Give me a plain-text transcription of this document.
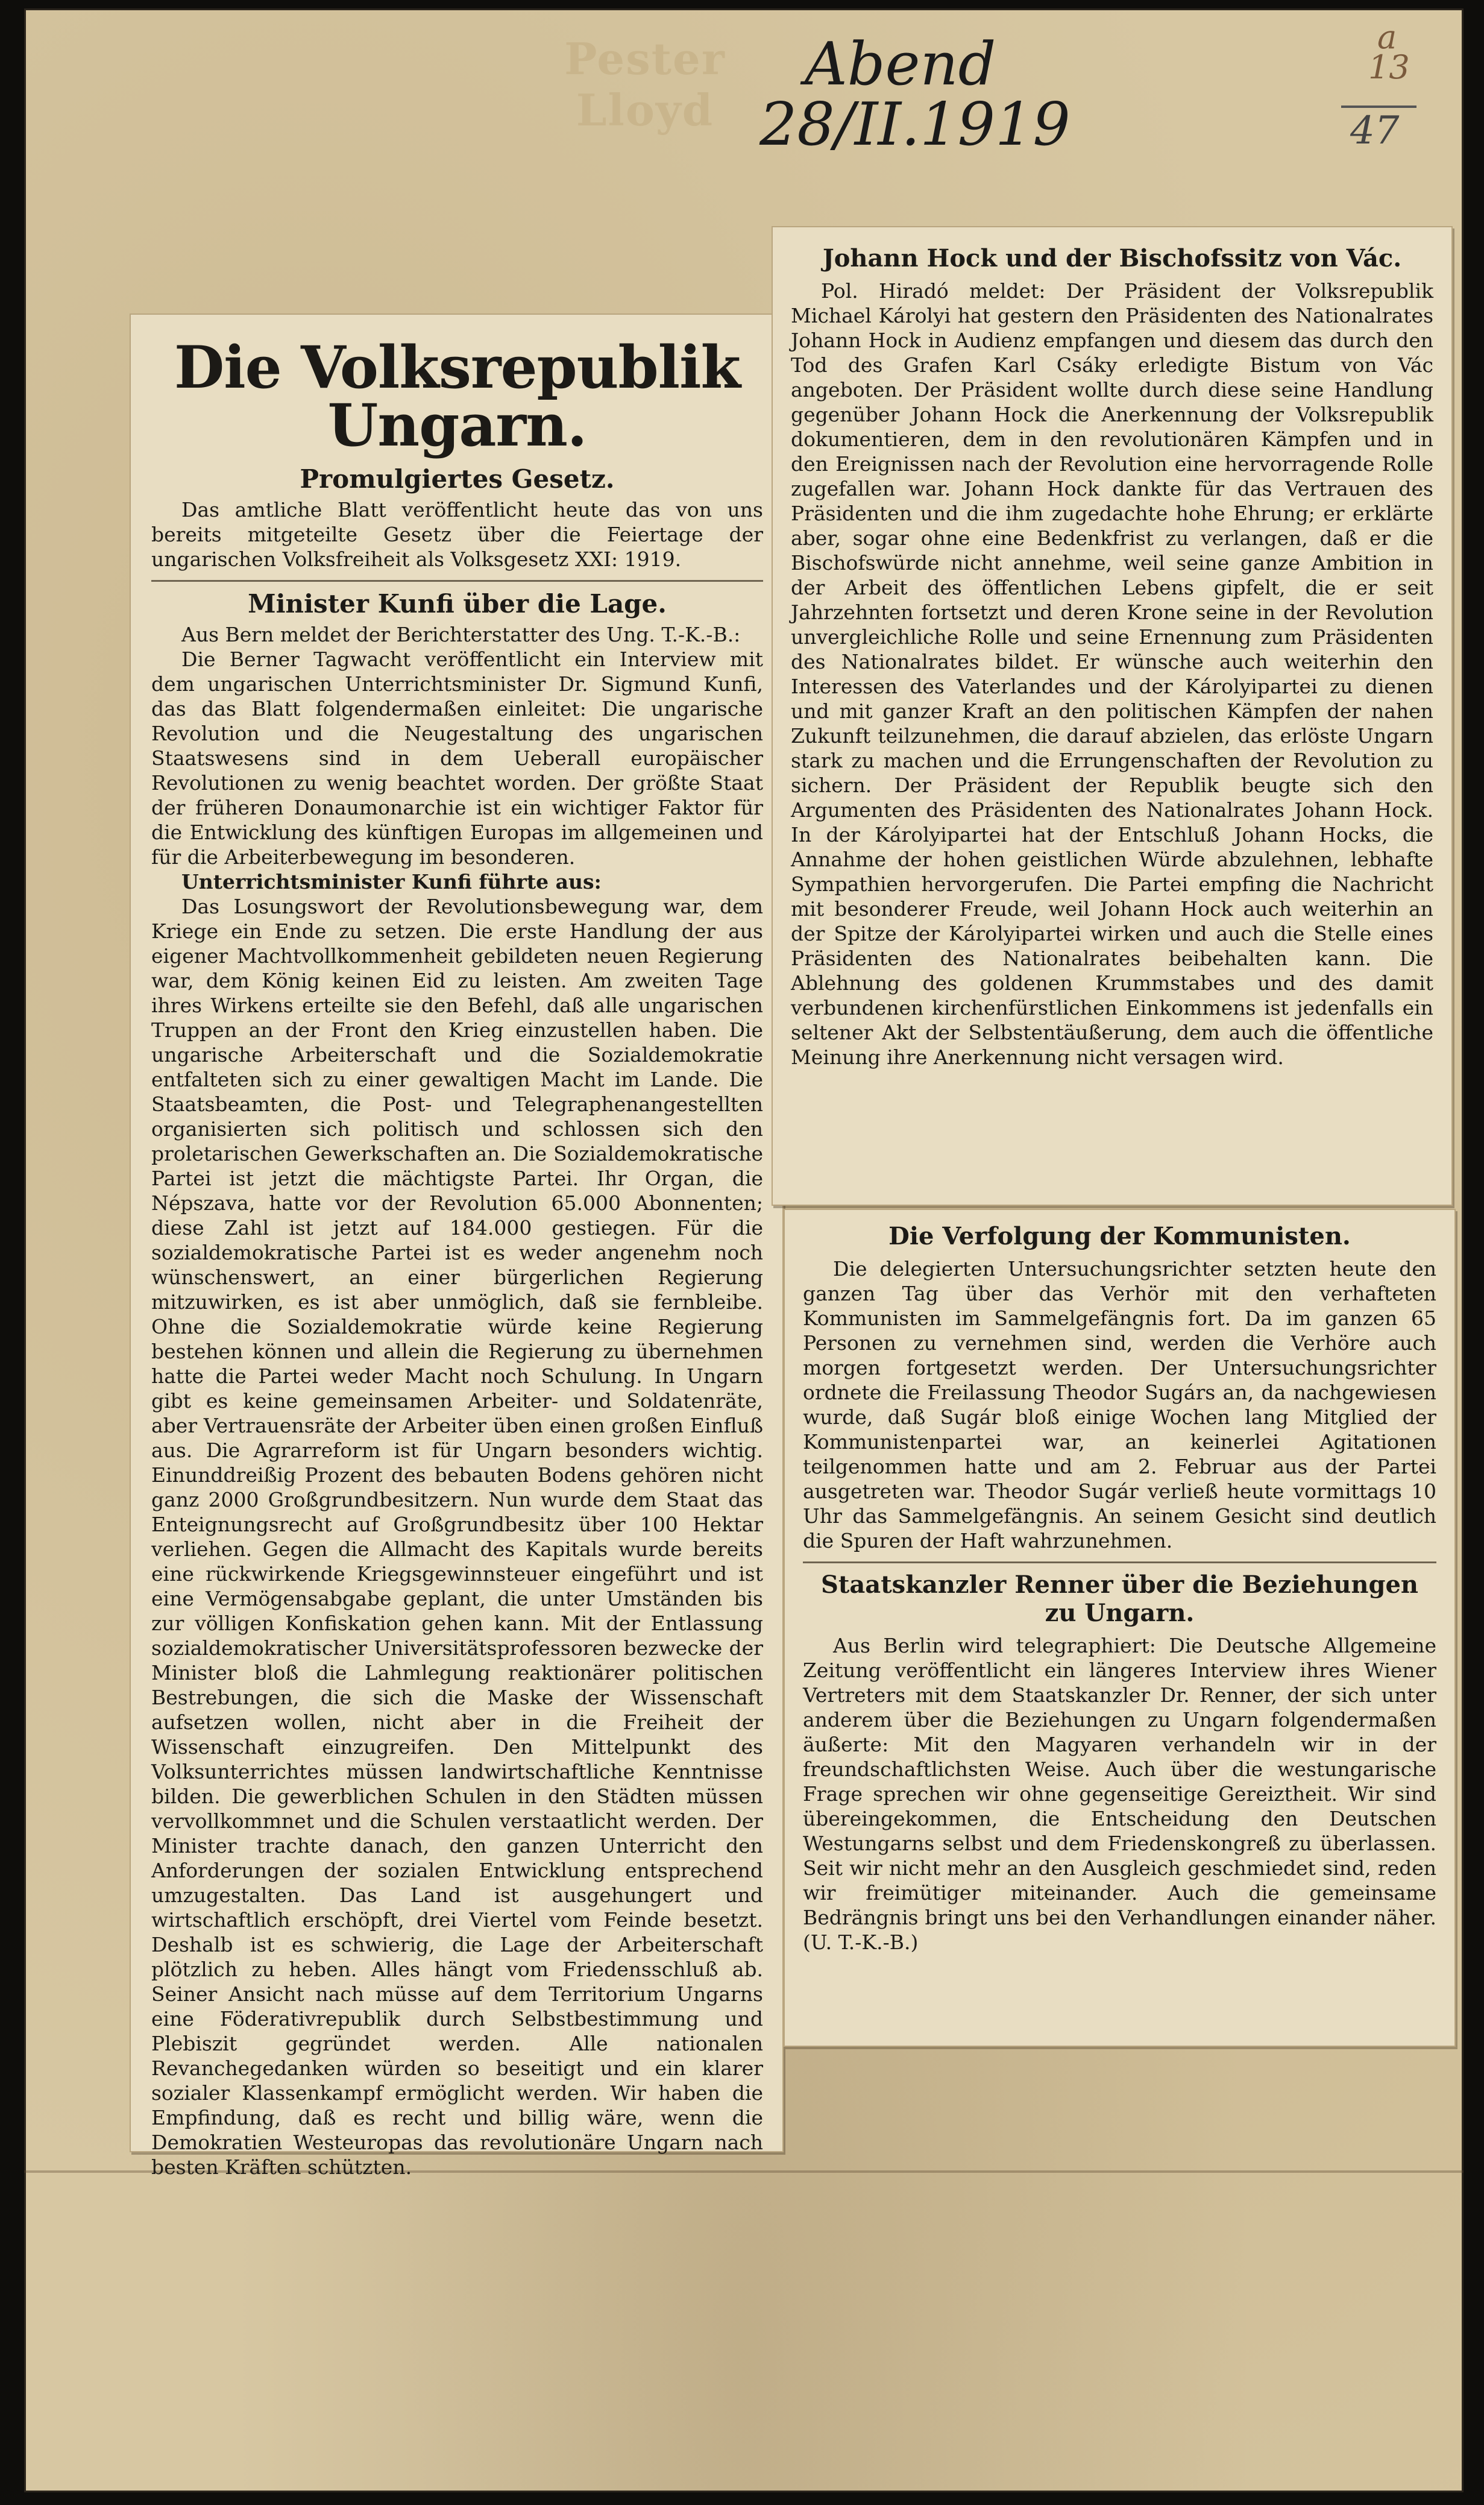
Pester Lloyd
Abend
28/II.1919
a
13
47
Die Volksrepublik Ungarn.
Promulgiertes Gesetz.

Das amtliche Blatt veröffentlicht heute das von uns bereits mitgeteilte Gesetz über die Feiertage der ungarischen Volksfreiheit als Volksgesetz XXI: 1919.

Minister Kunfi über die Lage.

Aus Bern meldet der Berichterstatter des Ung. T.-K.-B.:

Die Berner Tagwacht veröffentlicht ein Interview mit dem ungarischen Unterrichtsminister Dr. Sigmund Kunfi, das das Blatt folgendermaßen einleitet: Die ungarische Revolution und die Neugestaltung des ungarischen Staatswesens sind in dem Ueberall europäischer Revolutionen zu wenig beachtet worden. Der größte Staat der früheren Donaumonarchie ist ein wichtiger Faktor für die Entwicklung des künftigen Europas im allgemeinen und für die Arbeiterbewegung im besonderen.

Unterrichtsminister Kunfi führte aus:

Das Losungswort der Revolutionsbewegung war, dem Kriege ein Ende zu setzen. Die erste Handlung der aus eigener Machtvollkommenheit gebildeten neuen Regierung war, dem König keinen Eid zu leisten. Am zweiten Tage ihres Wirkens erteilte sie den Befehl, daß alle ungarischen Truppen an der Front den Krieg einzustellen haben. Die ungarische Arbeiterschaft und die Sozialdemokratie entfalteten sich zu einer gewaltigen Macht im Lande. Die Staatsbeamten, die Post- und Telegraphenangestellten organisierten sich politisch und schlossen sich den proletarischen Gewerkschaften an. Die Sozialdemokratische Partei ist jetzt die mächtigste Partei. Ihr Organ, die Népszava, hatte vor der Revolution 65.000 Abonnenten; diese Zahl ist jetzt auf 184.000 gestiegen. Für die sozialdemokratische Partei ist es weder angenehm noch wünschenswert, an einer bürgerlichen Regierung mitzuwirken, es ist aber unmöglich, daß sie fernbleibe. Ohne die Sozialdemokratie würde keine Regierung bestehen können und allein die Regierung zu übernehmen hatte die Partei weder Macht noch Schulung. In Ungarn gibt es keine gemeinsamen Arbeiter- und Soldatenräte, aber Vertrauensräte der Arbeiter üben einen großen Einfluß aus. Die Agrarreform ist für Ungarn besonders wichtig. Einunddreißig Prozent des bebauten Bodens gehören nicht ganz 2000 Großgrundbesitzern. Nun wurde dem Staat das Enteignungsrecht auf Großgrundbesitz über 100 Hektar verliehen. Gegen die Allmacht des Kapitals wurde bereits eine rückwirkende Kriegsgewinnsteuer eingeführt und ist eine Vermögensabgabe geplant, die unter Umständen bis zur völligen Konfiskation gehen kann. Mit der Entlassung sozialdemokratischer Universitätsprofessoren bezwecke der Minister bloß die Lahmlegung reaktionärer politischen Bestrebungen, die sich die Maske der Wissenschaft aufsetzen wollen, nicht aber in die Freiheit der Wissenschaft einzugreifen. Den Mittelpunkt des Volksunterrichtes müssen landwirtschaftliche Kenntnisse bilden. Die gewerblichen Schulen in den Städten müssen vervollkommnet und die Schulen verstaatlicht werden. Der Minister trachte danach, den ganzen Unterricht den Anforderungen der sozialen Entwicklung entsprechend umzugestalten. Das Land ist ausgehungert und wirtschaftlich erschöpft, drei Viertel vom Feinde besetzt. Deshalb ist es schwierig, die Lage der Arbeiterschaft plötzlich zu heben. Alles hängt vom Friedensschluß ab. Seiner Ansicht nach müsse auf dem Territorium Ungarns eine Föderativrepublik durch Selbstbestimmung und Plebiszit gegründet werden. Alle nationalen Revanchegedanken würden so beseitigt und ein klarer sozialer Klassenkampf ermöglicht werden. Wir haben die Empfindung, daß es recht und billig wäre, wenn die Demokratien Westeuropas das revolutionäre Ungarn nach besten Kräften schützten.

Johann Hock und der Bischofssitz von Vác.

Pol. Hiradó meldet: Der Präsident der Volksrepublik Michael Károlyi hat gestern den Präsidenten des Nationalrates Johann Hock in Audienz empfangen und diesem das durch den Tod des Grafen Karl Csáky erledigte Bistum von Vác angeboten. Der Präsident wollte durch diese seine Handlung gegenüber Johann Hock die Anerkennung der Volksrepublik dokumentieren, dem in den revolutionären Kämpfen und in den Ereignissen nach der Revolution eine hervorragende Rolle zugefallen war. Johann Hock dankte für das Vertrauen des Präsidenten und die ihm zugedachte hohe Ehrung; er erklärte aber, sogar ohne eine Bedenkfrist zu verlangen, daß er die Bischofswürde nicht annehme, weil seine ganze Ambition in der Arbeit des öffentlichen Lebens gipfelt, die er seit Jahrzehnten fortsetzt und deren Krone seine in der Revolution unvergleichliche Rolle und seine Ernennung zum Präsidenten des Nationalrates bildet. Er wünsche auch weiterhin den Interessen des Vaterlandes und der Károlyipartei zu dienen und mit ganzer Kraft an den politischen Kämpfen der nahen Zukunft teilzunehmen, die darauf abzielen, das erlöste Ungarn stark zu machen und die Errungenschaften der Revolution zu sichern. Der Präsident der Republik beugte sich den Argumenten des Präsidenten des Nationalrates Johann Hock. In der Károlyipartei hat der Entschluß Johann Hocks, die Annahme der hohen geistlichen Würde abzulehnen, lebhafte Sympathien hervorgerufen. Die Partei empfing die Nachricht mit besonderer Freude, weil Johann Hock auch weiterhin an der Spitze der Károlyipartei wirken und auch die Stelle eines Präsidenten des Nationalrates beibehalten kann. Die Ablehnung des goldenen Krummstabes und des damit verbundenen kirchenfürstlichen Einkommens ist jedenfalls ein seltener Akt der Selbstentäußerung, dem auch die öffentliche Meinung ihre Anerkennung nicht versagen wird.

Die Verfolgung der Kommunisten.

Die delegierten Untersuchungsrichter setzten heute den ganzen Tag über das Verhör mit den verhafteten Kommunisten im Sammelgefängnis fort. Da im ganzen 65 Personen zu vernehmen sind, werden die Verhöre auch morgen fortgesetzt werden. Der Untersuchungsrichter ordnete die Freilassung Theodor Sugárs an, da nachgewiesen wurde, daß Sugár bloß einige Wochen lang Mitglied der Kommunistenpartei war, an keinerlei Agitationen teilgenommen hatte und am 2. Februar aus der Partei ausgetreten war. Theodor Sugár verließ heute vormittags 10 Uhr das Sammelgefängnis. An seinem Gesicht sind deutlich die Spuren der Haft wahrzunehmen.

Staatskanzler Renner über die Beziehungen zu Ungarn.

Aus Berlin wird telegraphiert: Die Deutsche Allgemeine Zeitung veröffentlicht ein längeres Interview ihres Wiener Vertreters mit dem Staatskanzler Dr. Renner, der sich unter anderem über die Beziehungen zu Ungarn folgendermaßen äußerte: Mit den Magyaren verhandeln wir in der freundschaftlichsten Weise. Auch über die westungarische Frage sprechen wir ohne gegenseitige Gereiztheit. Wir sind übereingekommen, die Entscheidung den Deutschen Westungarns selbst und dem Friedenskongreß zu überlassen. Seit wir nicht mehr an den Ausgleich geschmiedet sind, reden wir freimütiger miteinander. Auch die gemeinsame Bedrängnis bringt uns bei den Verhandlungen einander näher. (U. T.-K.-B.)
